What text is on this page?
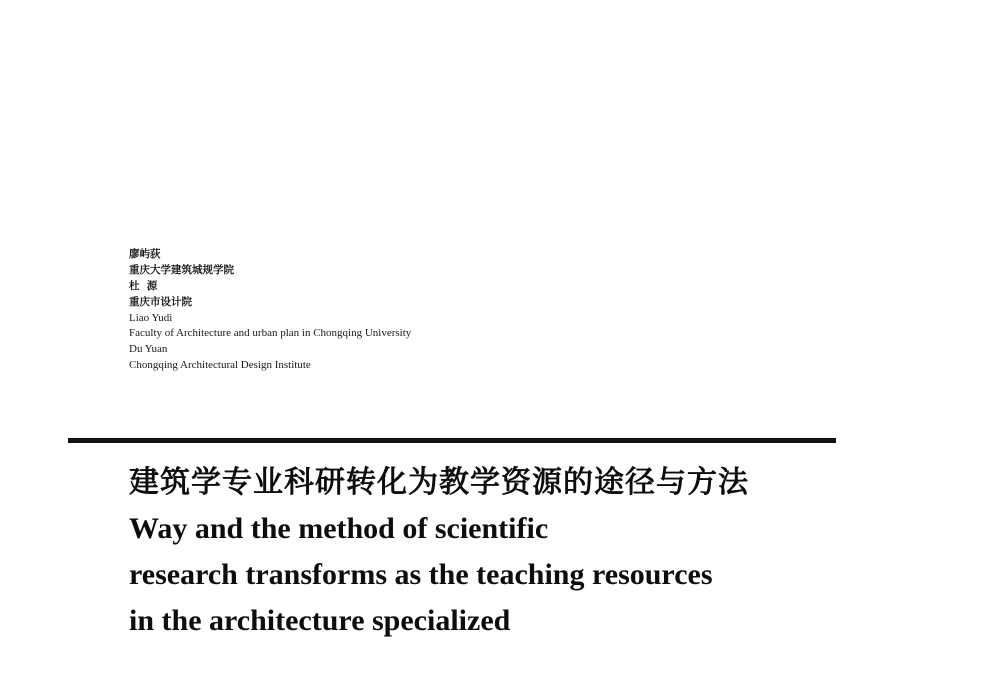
廖屿荻
重庆大学建筑城规学院
杜  源
重庆市设计院
Liao Yudi
Faculty of Architecture and urban plan in Chongqing University
Du Yuan
Chongqing Architectural Design Institute
建筑学专业科研转化为教学资源的途径与方法
Way and the method of scientific
research transforms as the teaching resources
in the architecture specialized
